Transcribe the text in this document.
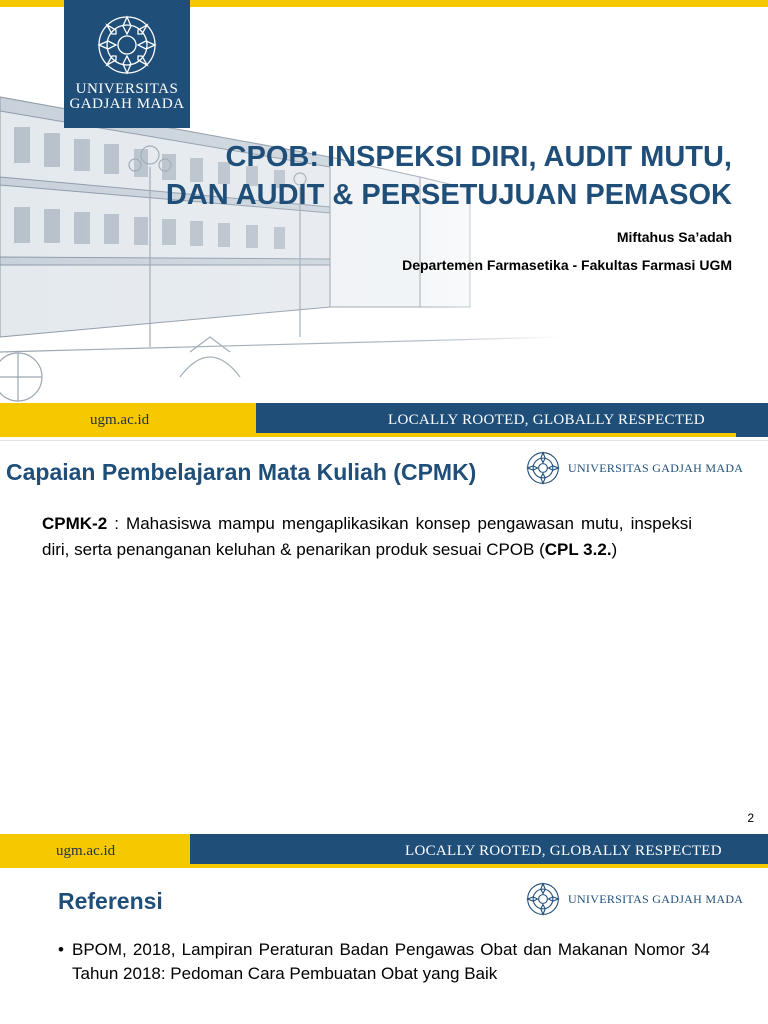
UNIVERSITAS
GADJAH MADA
CPOB: INSPEKSI DIRI, AUDIT MUTU,
DAN AUDIT & PERSETUJUAN PEMASOK
Miftahus Sa’adah
Departemen Farmasetika - Fakultas Farmasi UGM
ugm.ac.id	LOCALLY ROOTED, GLOBALLY RESPECTED
Capaian Pembelajaran Mata Kuliah (CPMK)	UNIVERSITAS GADJAH MADA
CPMK-2 : Mahasiswa mampu mengaplikasikan konsep pengawasan mutu, inspeksi diri, serta penanganan keluhan & penarikan produk sesuai CPOB (CPL 3.2.)
2
ugm.ac.id	LOCALLY ROOTED, GLOBALLY RESPECTED
Referensi	UNIVERSITAS GADJAH MADA
• BPOM, 2018, Lampiran Peraturan Badan Pengawas Obat dan Makanan Nomor 34 Tahun 2018: Pedoman Cara Pembuatan Obat yang Baik
